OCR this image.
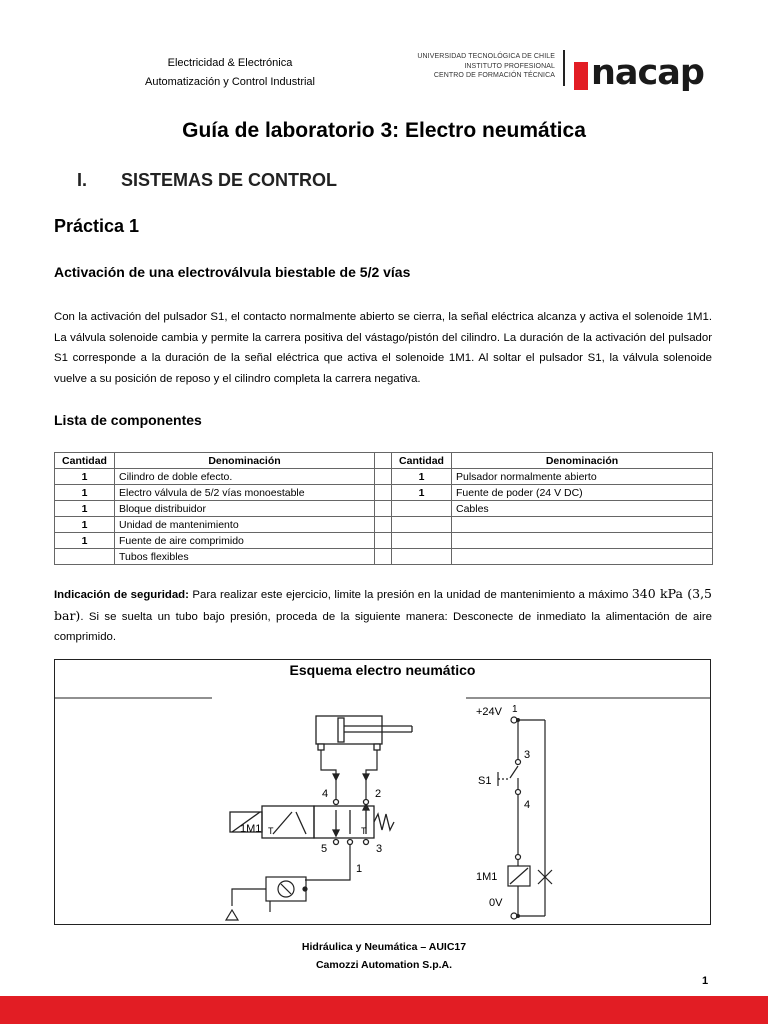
Electricidad & Electrónica
Automatización y Control Industrial
UNIVERSIDAD TECNOLÓGICA DE CHILE
INSTITUTO PROFESIONAL
CENTRO DE FORMACIÓN TÉCNICA nacap
Guía de laboratorio 3: Electro neumática
I. SISTEMAS DE CONTROL
Práctica 1
Activación de una electroválvula biestable de 5/2 vías
Con la activación del pulsador S1, el contacto normalmente abierto se cierra, la señal eléctrica alcanza y activa el solenoide 1M1. La válvula solenoide cambia y permite la carrera positiva del vástago/pistón del cilindro. La duración de la activación del pulsador S1 corresponde a la duración de la señal eléctrica que activa el solenoide 1M1. Al soltar el pulsador S1, la válvula solenoide vuelve a su posición de reposo y el cilindro completa la carrera negativa.
Lista de componentes
Cantidad	Denominación		Cantidad	Denominación
1	Cilindro de doble efecto.		1	Pulsador normalmente abierto
1	Electro válvula de 5/2 vías monoestable		1	Fuente de poder (24 V DC)
1	Bloque distribuidor			Cables
1	Unidad de mantenimiento			
1	Fuente de aire comprimido			
	Tubos flexibles			
Indicación de seguridad: Para realizar este ejercicio, limite la presión en la unidad de mantenimiento a máximo 340 kPa (3,5 bar). Si se suelta un tubo bajo presión, proceda de la siguiente manera: Desconecte de inmediato la alimentación de aire comprimido.
Esquema electro neumático
4	2
5	3
1
1M1 T	T
+24V 1
3
S1
4
1M1
0V
Hidráulica y Neumática – AUIC17
Camozzi Automation S.p.A.
1
